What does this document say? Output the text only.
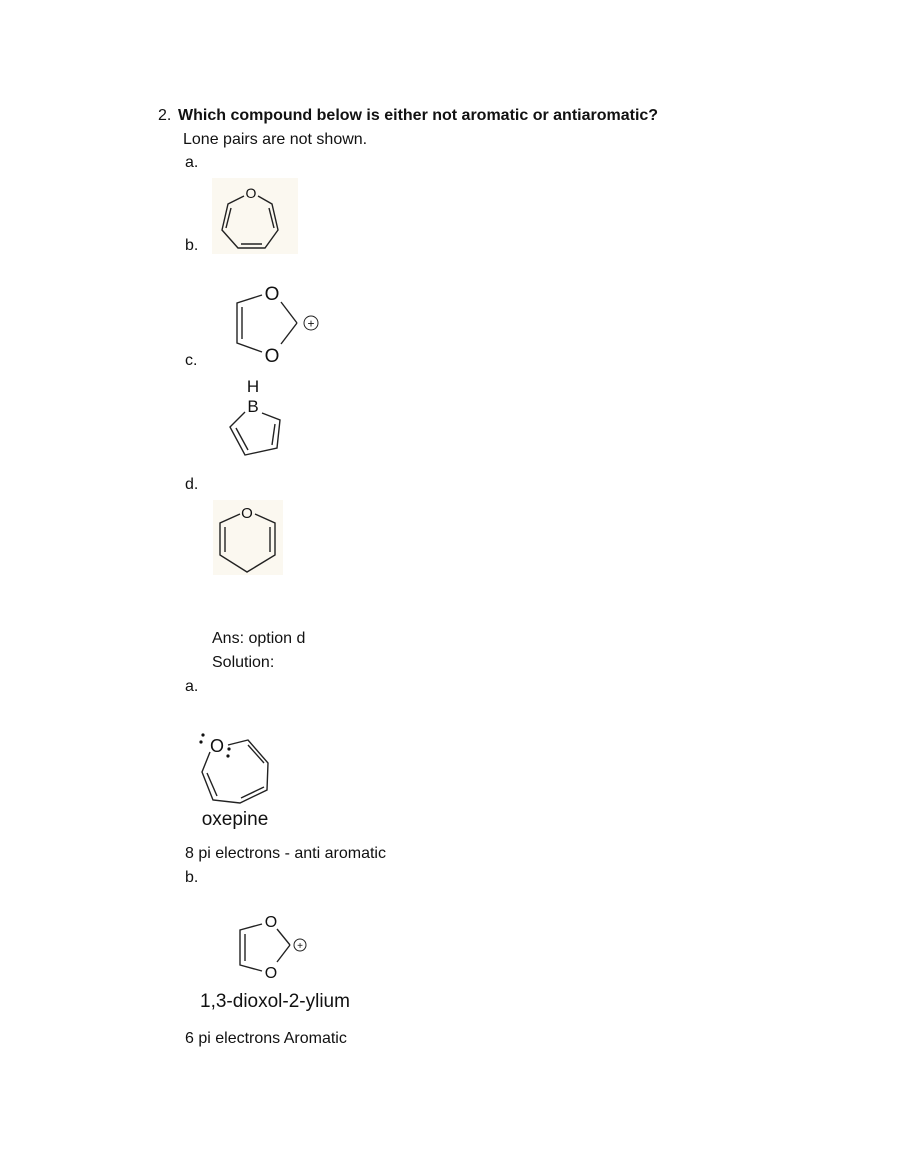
2. Which compound below is either not aromatic or antiaromatic?
Lone pairs are not shown.
a.
b.
c.
d.
O
O
O
+
H
B
O
O
oxepine
O
O
+
1,3-dioxol-2-ylium
Ans: option d
Solution:
a.
8 pi electrons - anti aromatic
b.
6 pi electrons Aromatic
